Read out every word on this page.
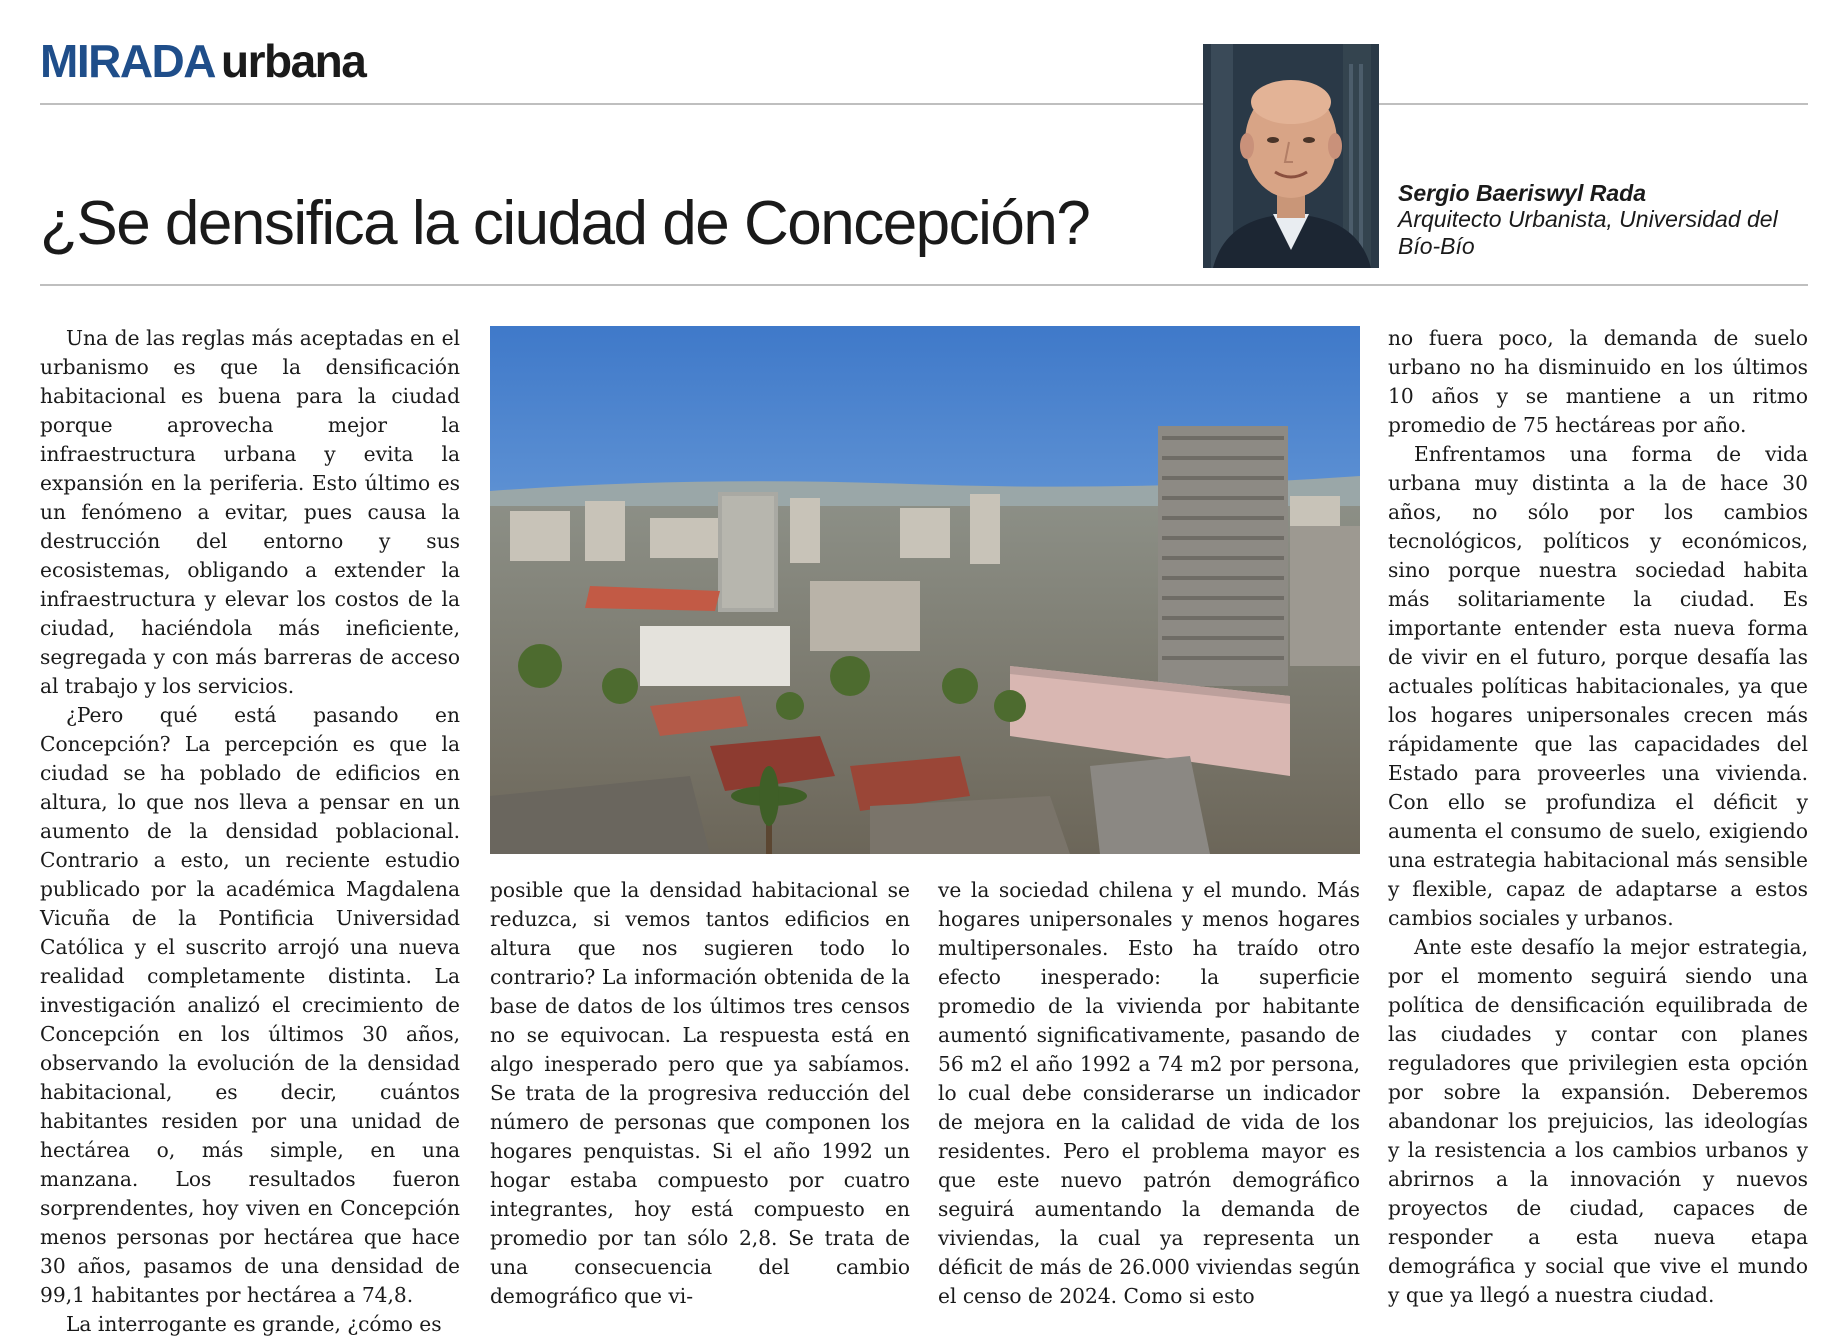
MIRADA urbana
¿Se densifica la ciudad de Concepción?	Sergio Baeriswyl Rada

Arquitecto Urbanista, Universidad del Bío-Bío

Una de las reglas más aceptadas en el urbanismo es que la densificación habitacional es buena para la ciudad porque aprovecha mejor la infraestructura urbana y evita la expansión en la periferia. Esto último es un fenómeno a evitar, pues causa la destrucción del entorno y sus ecosistemas, obligando a extender la infraestructura y elevar los costos de la ciudad, haciéndola más ineficiente, segregada y con más barreras de acceso al trabajo y los servicios.

¿Pero qué está pasando en Concepción? La percepción es que la ciudad se ha poblado de edificios en altura, lo que nos lleva a pensar en un aumento de la densidad poblacional. Contrario a esto, un reciente estudio publicado por la académica Magdalena Vicuña de la Pontificia Universidad Católica y el suscrito arrojó una nueva realidad completamente distinta. La investigación analizó el crecimiento de Concepción en los últimos 30 años, observando la evolución de la densidad habitacional, es decir, cuántos habitantes residen por una unidad de hectárea o, más simple, en una manzana. Los resultados fueron sorprendentes, hoy viven en Concepción menos personas por hectárea que hace 30 años, pasamos de una densidad de 99,1 habitantes por hectárea a 74,8.

La interrogante es grande, ¿cómo es

posible que la densidad habitacional se reduzca, si vemos tantos edificios en altura que nos sugieren todo lo contrario? La información obtenida de la base de datos de los últimos tres censos no se equivocan. La respuesta está en algo inesperado pero que ya sabíamos. Se trata de la progresiva reducción del número de personas que componen los hogares penquistas. Si el año 1992 un hogar estaba compuesto por cuatro integrantes, hoy está compuesto en promedio por tan sólo 2,8. Se trata de una consecuencia del cambio demográfico que vi-

ve la sociedad chilena y el mundo. Más hogares unipersonales y menos hogares multipersonales. Esto ha traído otro efecto inesperado: la superficie promedio de la vivienda por habitante aumentó significativamente, pasando de 56 m2 el año 1992 a 74 m2 por persona, lo cual debe considerarse un indicador de mejora en la calidad de vida de los residentes. Pero el problema mayor es que este nuevo patrón demográfico seguirá aumentando la demanda de viviendas, la cual ya representa un déficit de más de 26.000 viviendas según el censo de 2024. Como si esto

no fuera poco, la demanda de suelo urbano no ha disminuido en los últimos 10 años y se mantiene a un ritmo promedio de 75 hectáreas por año.

Enfrentamos una forma de vida urbana muy distinta a la de hace 30 años, no sólo por los cambios tecnológicos, políticos y económicos, sino porque nuestra sociedad habita más solitariamente la ciudad. Es importante entender esta nueva forma de vivir en el futuro, porque desafía las actuales políticas habitacionales, ya que los hogares unipersonales crecen más rápidamente que las capacidades del Estado para proveerles una vivienda. Con ello se profundiza el déficit y aumenta el consumo de suelo, exigiendo una estrategia habitacional más sensible y flexible, capaz de adaptarse a estos cambios sociales y urbanos.

Ante este desafío la mejor estrategia, por el momento seguirá siendo una política de densificación equilibrada de las ciudades y contar con planes reguladores que privilegien esta opción por sobre la expansión. Deberemos abandonar los prejuicios, las ideologías y la resistencia a los cambios urbanos y abrirnos a la innovación y nuevos proyectos de ciudad, capaces de responder a esta nueva etapa demográfica y social que vive el mundo y que ya llegó a nuestra ciudad.
